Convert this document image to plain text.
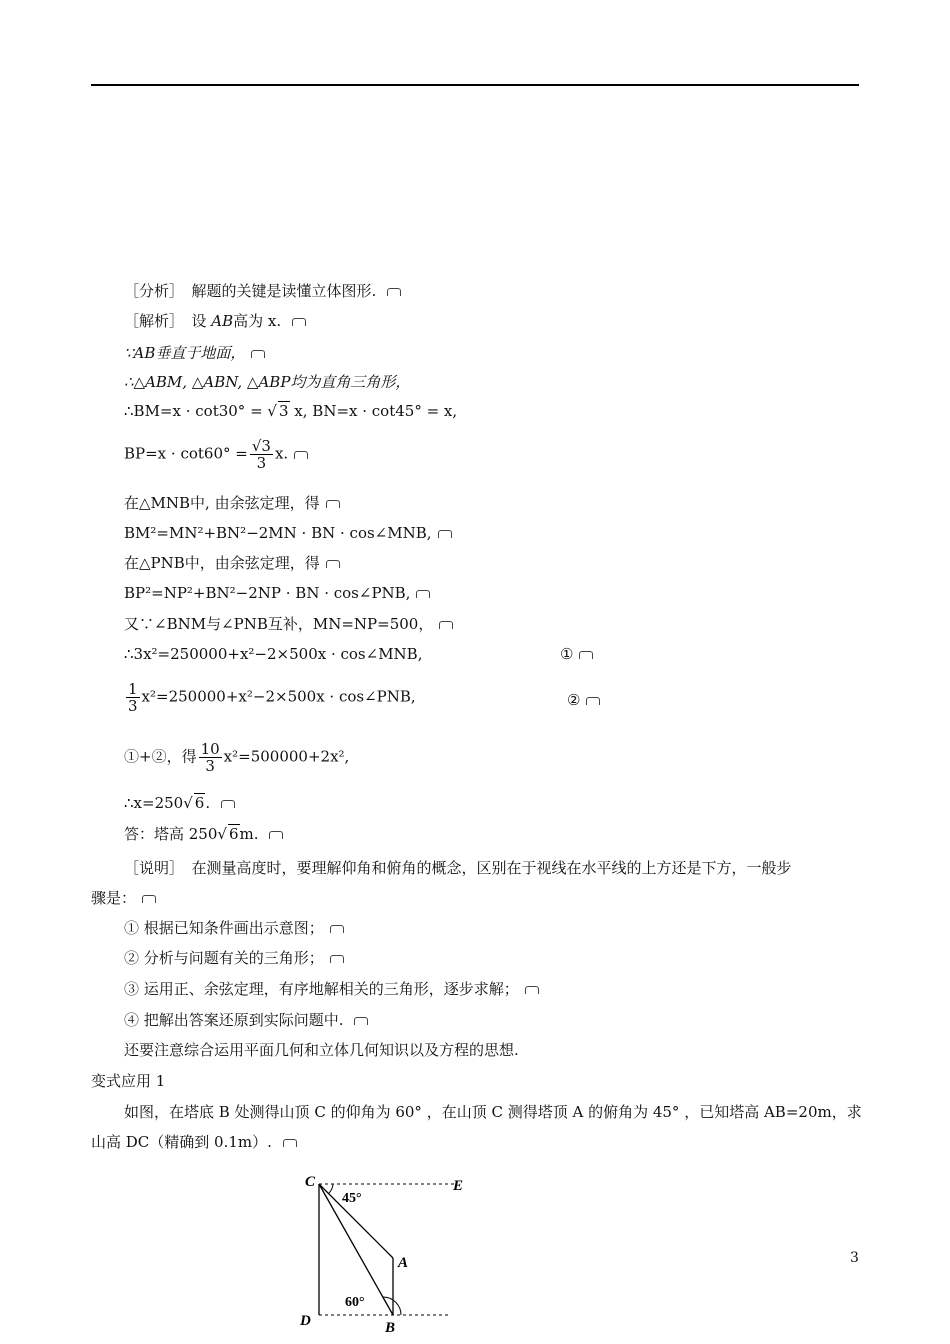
［分析］　解题的关键是读懂立体图形.
［解析］　设 AB高为 x.
∵AB垂直于地面，
∴△ABM, △ABN, △ABP均为直角三角形，
∴BM=x · cot30° = √ 3 x, BN=x · cot45° = x,
$BP=x \cdot \cot 60^\circ = \frac{√3}{3} x$.
在△MNB中, 由余弦定理，得
BM²=MN²+BN²−2MN · BN · cos∠MNB,
在△PNB中，由余弦定理，得
BP²=NP²+BN²−2NP · BN · cos∠PNB,
又∵∠BNM与∠PNB互补，MN=NP=500，
∴3x²=250000+x²−2×500x · cos∠MNB,	①
$\frac{1}{3} x^2=250000+x^2-2\times 500x$ · cos∠PNB,	②
①+②，得 $\frac{10}{3} x^2=500000+2x^2$,
∴x=250√ 6.
答：塔高 250√ 6m.
［说明］　在测量高度时，要理解仰角和俯角的概念，区别在于视线在水平线的上方还是下方，一般步
骤是：
① 根据已知条件画出示意图；
② 分析与问题有关的三角形；
③ 运用正、余弦定理，有序地解相关的三角形，逐步求解；
④ 把解出答案还原到实际问题中.
还要注意综合运用平面几何和立体几何知识以及方程的思想.
变式应用 1
如图，在塔底 B 处测得山顶 C 的仰角为 60° ，在山顶 C 测得塔顶 A 的俯角为 45° ，已知塔高 AB=20m，求
山高 DC（精确到 0.1m）.
C	E
A
D	B
45°
60°
3
